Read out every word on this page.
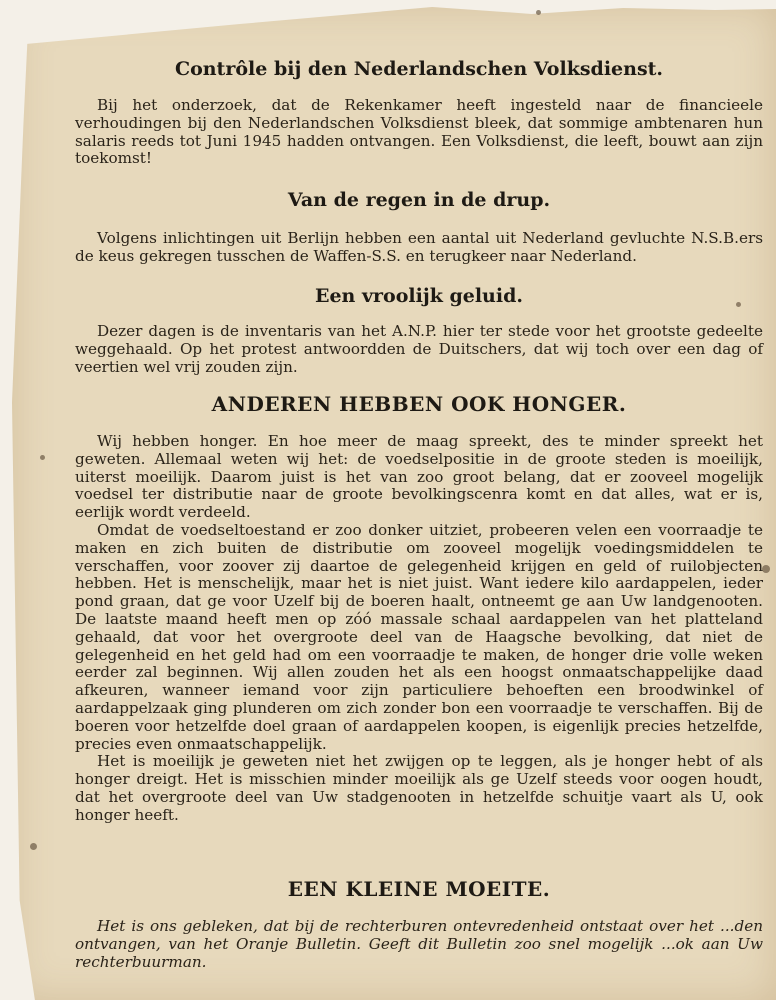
Contrôle bij den Nederlandschen Volksdienst.

Bij het onderzoek, dat de Rekenkamer heeft ingesteld naar de financieele verhoudingen bij den Nederlandschen Volksdienst bleek, dat sommige ambtenaren hun salaris reeds tot Juni 1945 hadden ontvangen. Een Volksdienst, die leeft, bouwt aan zijn toekomst!

Van de regen in de drup.

Volgens inlichtingen uit Berlijn hebben een aantal uit Nederland gevluchte N.S.B.ers de keus gekregen tusschen de Waffen-S.S. en terugkeer naar Nederland.

Een vroolijk geluid.

Dezer dagen is de inventaris van het A.N.P. hier ter stede voor het grootste gedeelte weggehaald. Op het protest antwoordden de Duitschers, dat wij toch over een dag of veertien wel vrij zouden zijn.

ANDEREN HEBBEN OOK HONGER.

Wij hebben honger. En hoe meer de maag spreekt, des te minder spreekt het geweten. Allemaal weten wij het: de voedselpositie in de groote steden is moeilijk, uiterst moeilijk. Daarom juist is het van zoo groot belang, dat er zooveel mogelijk voedsel ter distributie naar de groote bevolkingscenra komt en dat alles, wat er is, eerlijk wordt verdeeld.

Omdat de voedseltoestand er zoo donker uitziet, probeeren velen een voorraadje te maken en zich buiten de distributie om zooveel mogelijk voedingsmiddelen te verschaffen, voor zoover zij daartoe de gelegenheid krijgen en geld of ruilobjecten hebben. Het is menschelijk, maar het is niet juist. Want iedere kilo aardappelen, ieder pond graan, dat ge voor Uzelf bij de boeren haalt, ontneemt ge aan Uw landgenooten. De laatste maand heeft men op zóó massale schaal aardappelen van het platteland gehaald, dat voor het overgroote deel van de Haagsche bevolking, dat niet de gelegenheid en het geld had om een voorraadje te maken, de honger drie volle weken eerder zal beginnen. Wij allen zouden het als een hoogst onmaatschappelijke daad afkeuren, wanneer iemand voor zijn particuliere behoeften een broodwinkel of aardappelzaak ging plunderen om zich zonder bon een voorraadje te verschaffen. Bij de boeren voor hetzelfde doel graan of aardappelen koopen, is eigenlijk precies hetzelfde, precies even onmaatschappelijk.

Het is moeilijk je geweten niet het zwijgen op te leggen, als je honger hebt of als honger dreigt. Het is misschien minder moeilijk als ge Uzelf steeds voor oogen houdt, dat het overgroote deel van Uw stadgenooten in hetzelfde schuitje vaart als U, ook honger heeft.

EEN KLEINE MOEITE.

Het is ons gebleken, dat bij de rechterburen ontevredenheid ontstaat over het ...den ontvangen, van het Oranje Bulletin. Geeft dit Bulletin zoo snel mogelijk ...ok aan Uw rechterbuurman.
